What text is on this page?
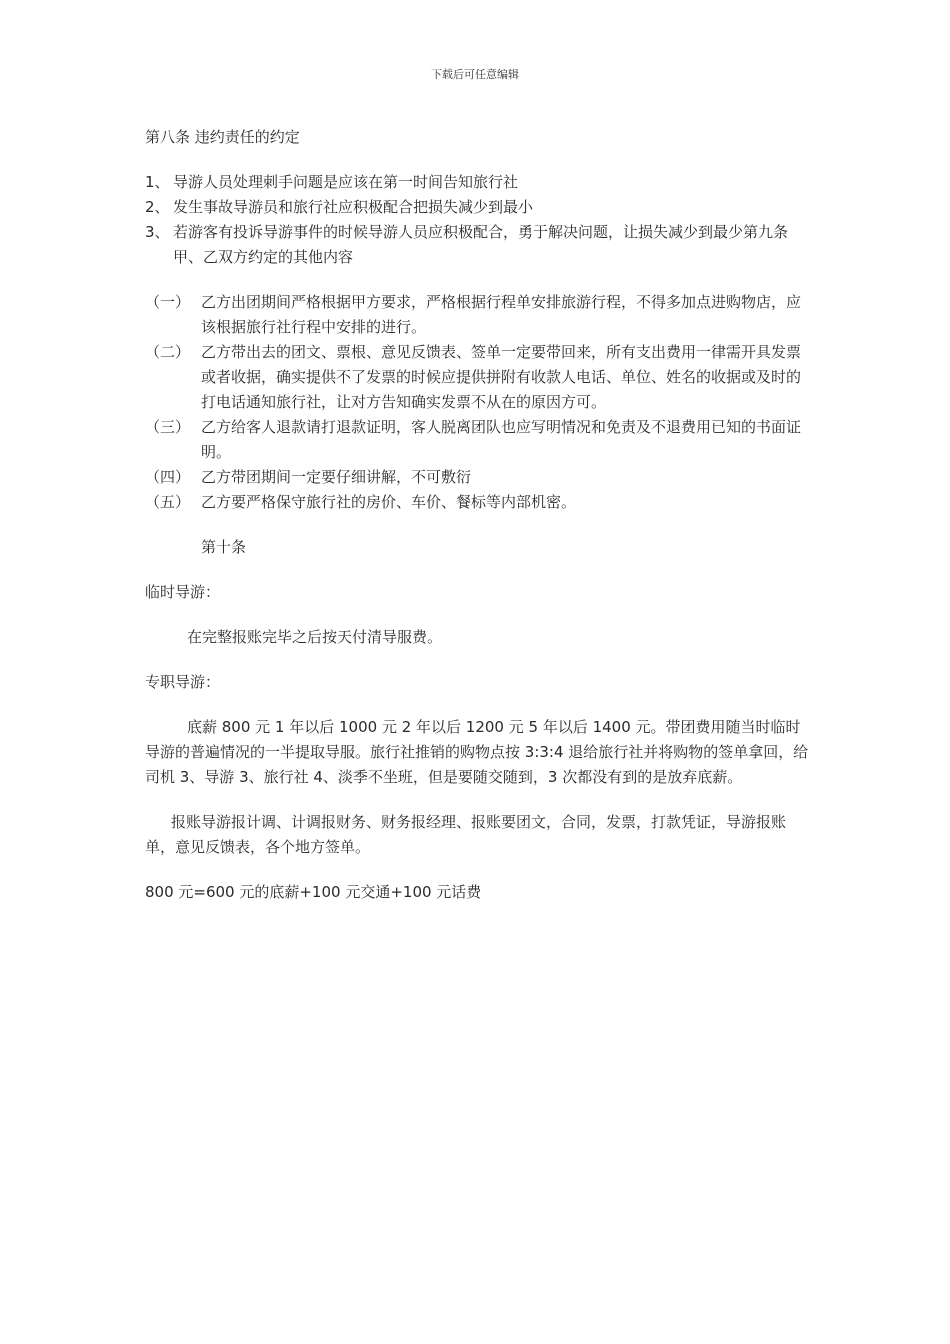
下载后可任意编辑

第八条 违约责任的约定

1、 导游人员处理刺手问题是应该在第一时间告知旅行社
2、 发生事故导游员和旅行社应积极配合把损失减少到最小
3、 若游客有投诉导游事件的时候导游人员应积极配合，勇于解决问题，让损失减少到最少第九条　 甲、乙双方约定的其他内容
（一） 乙方出团期间严格根据甲方要求，严格根据行程单安排旅游行程，不得多加点进购物店，应该根据旅行社行程中安排的进行。
（二） 乙方带出去的团文、票根、意见反馈表、签单一定要带回来，所有支出费用一律需开具发票或者收据，确实提供不了发票的时候应提供拼附有收款人电话、单位、姓名的收据或及时的打电话通知旅行社，让对方告知确实发票不从在的原因方可。
（三） 乙方给客人退款请打退款证明，客人脱离团队也应写明情况和免责及不退费用已知的书面证明。
（四） 乙方带团期间一定要仔细讲解，不可敷衍
（五） 乙方要严格保守旅行社的房价、车价、餐标等内部机密。

第十条

临时导游：

在完整报账完毕之后按天付清导服费。

专职导游：

底薪 800 元 1 年以后 1000 元 2 年以后 1200 元 5 年以后 1400 元。带团费用随当时临时导游的普遍情况的一半提取导服。旅行社推销的购物点按 3:3:4 退给旅行社并将购物的签单拿回，给司机 3、导游 3、旅行社 4、淡季不坐班，但是要随交随到，3 次都没有到的是放弃底薪。

报账导游报计调、计调报财务、财务报经理、报账要团文，合同，发票，打款凭证，导游报账单，意见反馈表，各个地方签单。

800 元=600 元的底薪+100 元交通+100 元话费
